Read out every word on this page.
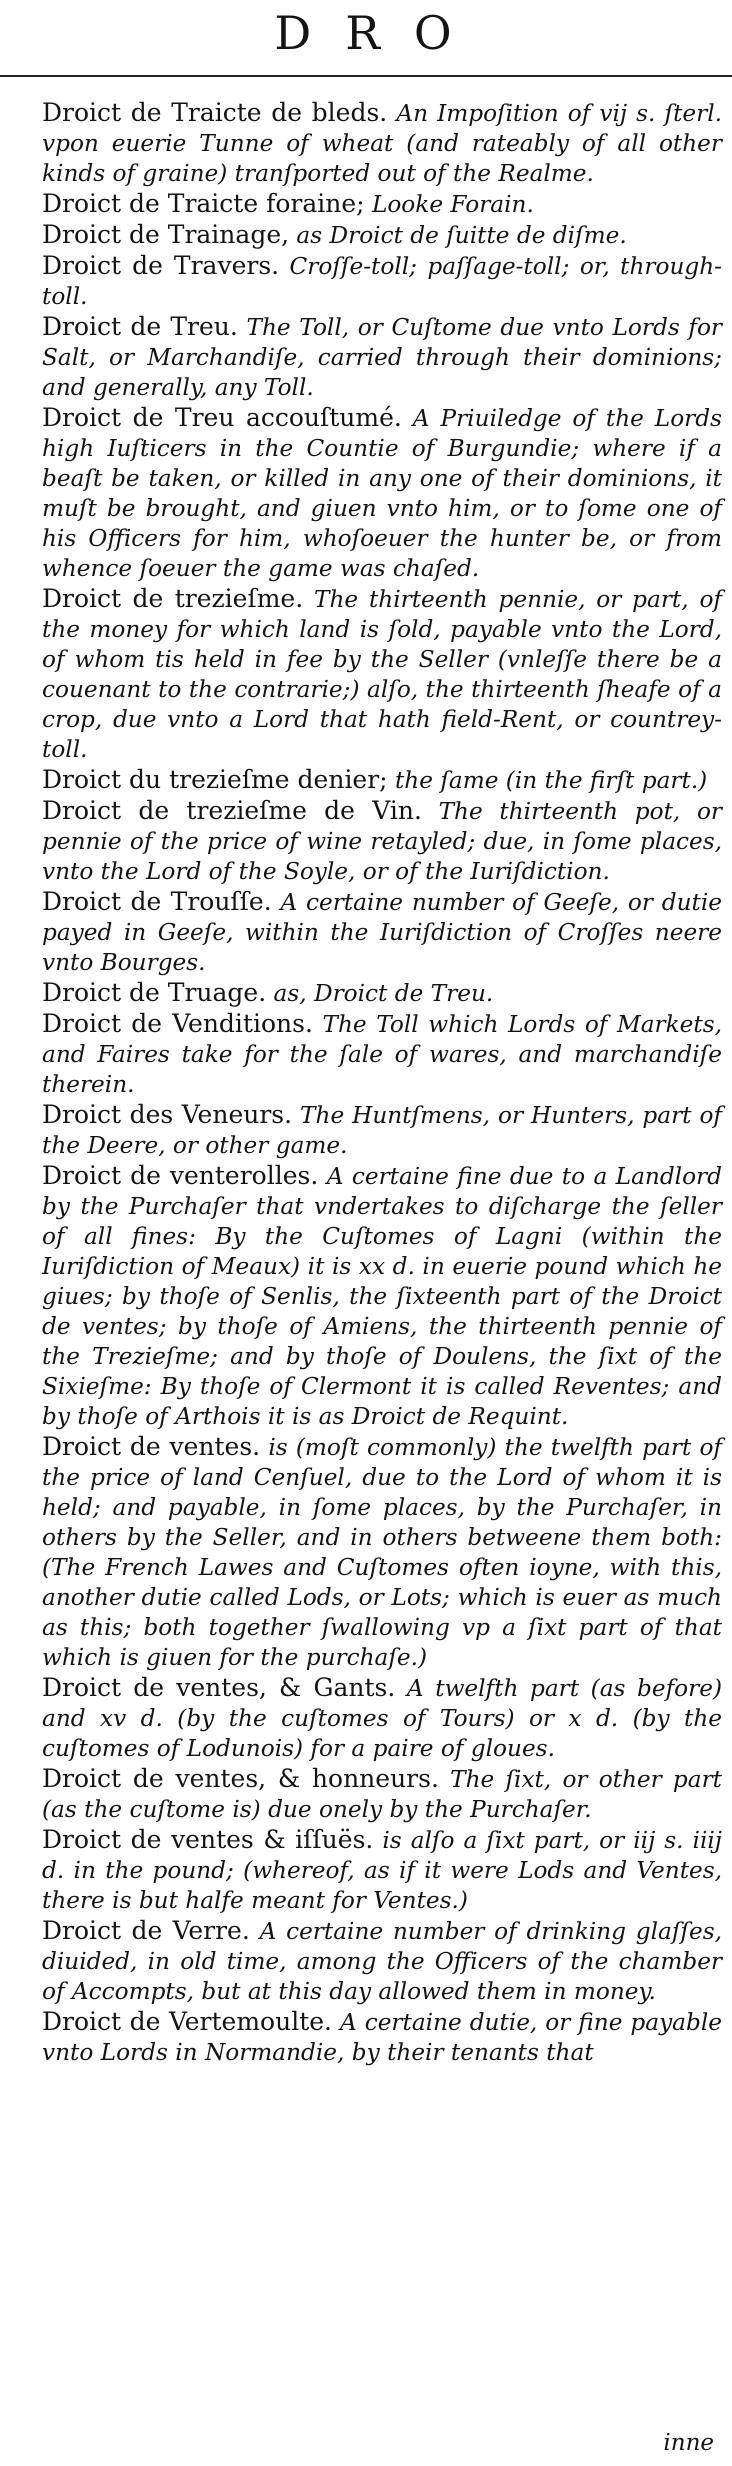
DRO

Droict de Traicte de bleds. An Impoſition of vij s. ſterl. vpon euerie Tunne of wheat (and rateably of all other kinds of graine) tranſported out of the Realme.

Droict de Traicte foraine; Looke Forain.

Droict de Trainage, as Droict de ſuitte de diſme.

Droict de Travers. Croſſe-toll; paſſage-toll; or, through-toll.

Droict de Treu. The Toll, or Cuſtome due vnto Lords for Salt, or Marchandiſe, carried through their dominions; and generally, any Toll.

Droict de Treu accouſtumé. A Priuiledge of the Lords high Iuſticers in the Countie of Burgundie; where if a beaſt be taken, or killed in any one of their dominions, it muſt be brought, and giuen vnto him, or to ſome one of his Officers for him, whoſoeuer the hunter be, or from whence ſoeuer the game was chaſed.

Droict de trezieſme. The thirteenth pennie, or part, of the money for which land is ſold, payable vnto the Lord, of whom tis held in fee by the Seller (vnleſſe there be a couenant to the contrarie;) alſo, the thirteenth ſheafe of a crop, due vnto a Lord that hath field-Rent, or countrey-toll.

Droict du trezieſme denier; the ſame (in the firſt part.)

Droict de trezieſme de Vin. The thirteenth pot, or pennie of the price of wine retayled; due, in ſome places, vnto the Lord of the Soyle, or of the Iuriſdiction.

Droict de Trouſſe. A certaine number of Geeſe, or dutie payed in Geeſe, within the Iuriſdiction of Croſſes neere vnto Bourges.

Droict de Truage. as, Droict de Treu.

Droict de Venditions. The Toll which Lords of Markets, and Faires take for the ſale of wares, and marchandiſe therein.

Droict des Veneurs. The Huntſmens, or Hunters, part of the Deere, or other game.

Droict de venterolles. A certaine fine due to a Landlord by the Purchaſer that vndertakes to diſcharge the ſeller of all fines: By the Cuſtomes of Lagni (within the Iuriſdiction of Meaux) it is xx d. in euerie pound which he giues; by thoſe of Senlis, the ſixteenth part of the Droict de ventes; by thoſe of Amiens, the thirteenth pennie of the Trezieſme; and by thoſe of Doulens, the ſixt of the Sixieſme: By thoſe of Clermont it is called Reventes; and by thoſe of Arthois it is as Droict de Requint.

Droict de ventes. is (moſt commonly) the twelfth part of the price of land Cenſuel, due to the Lord of whom it is held; and payable, in ſome places, by the Purchaſer, in others by the Seller, and in others betweene them both: (The French Lawes and Cuſtomes often ioyne, with this, another dutie called Lods, or Lots; which is euer as much as this; both together ſwallowing vp a ſixt part of that which is giuen for the purchaſe.)

Droict de ventes, & Gants. A twelfth part (as before) and xv d. (by the cuſtomes of Tours) or x d. (by the cuſtomes of Lodunois) for a paire of gloues.

Droict de ventes, & honneurs. The ſixt, or other part (as the cuſtome is) due onely by the Purchaſer.

Droict de ventes & iſſuës. is alſo a ſixt part, or iij s. iiij d. in the pound; (whereof, as if it were Lods and Ventes, there is but halfe meant for Ventes.)

Droict de Verre. A certaine number of drinking glaſſes, diuided, in old time, among the Officers of the chamber of Accompts, but at this day allowed them in money.

Droict de Vertemoulte. A certaine dutie, or fine payable vnto Lords in Normandie, by their tenants that

inne
